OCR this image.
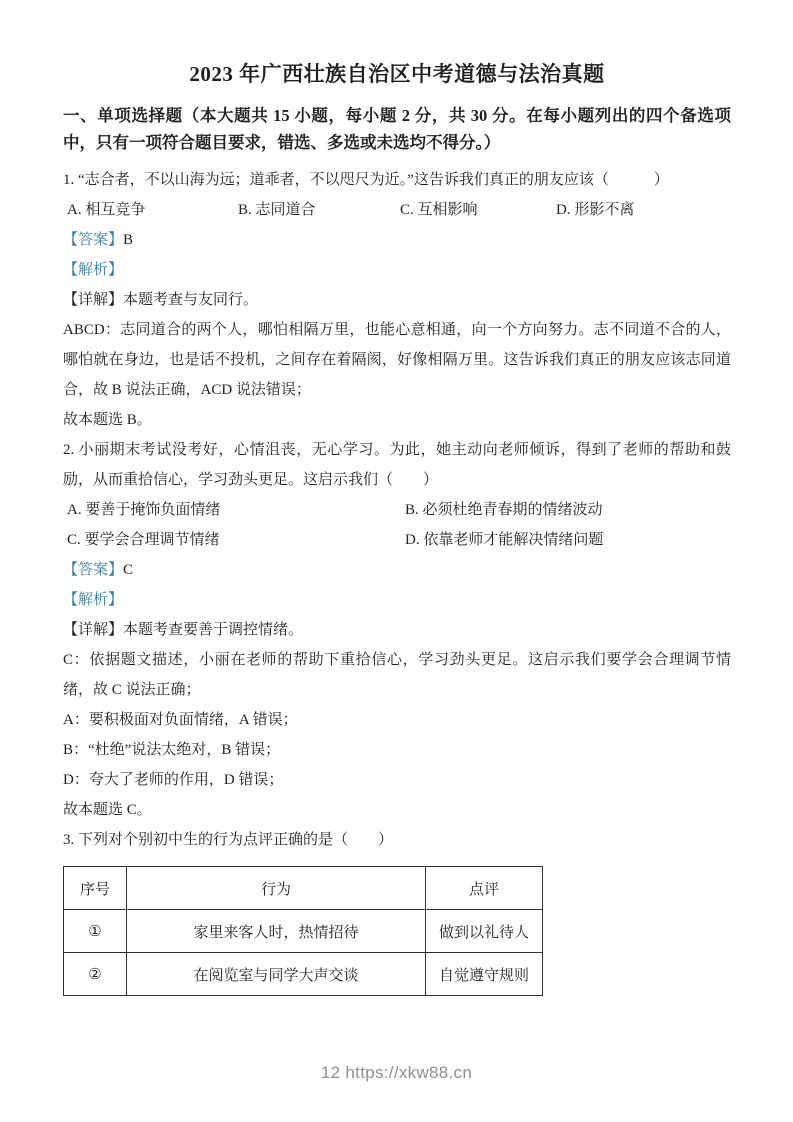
2023 年广西壮族自治区中考道德与法治真题

一、单项选择题（本大题共 15 小题，每小题 2 分，共 30 分。在每小题列出的四个备选项中，只有一项符合题目要求，错选、多选或未选均不得分。）

1. “志合者，不以山海为远；道乖者，不以咫尺为近。”这告诉我们真正的朋友应该（　　　）

A. 相互竞争	B. 志同道合	C. 互相影响	D. 形影不离

【答案】B

【解析】

【详解】本题考查与友同行。

ABCD：志同道合的两个人，哪怕相隔万里，也能心意相通，向一个方向努力。志不同道不合的人，哪怕就在身边，也是话不投机，之间存在着隔阂，好像相隔万里。这告诉我们真正的朋友应该志同道合，故 B 说法正确，ACD 说法错误；

故本题选 B。

2. 小丽期末考试没考好，心情沮丧，无心学习。为此，她主动向老师倾诉，得到了老师的帮助和鼓励，从而重拾信心，学习劲头更足。这启示我们（　　）

A. 要善于掩饰负面情绪	B. 必须杜绝青春期的情绪波动
C. 要学会合理调节情绪	D. 依靠老师才能解决情绪问题

【答案】C

【解析】

【详解】本题考查要善于调控情绪。

C：依据题文描述，小丽在老师的帮助下重拾信心，学习劲头更足。这启示我们要学会合理调节情绪，故 C 说法正确；

A：要积极面对负面情绪，A 错误；

B：“杜绝”说法太绝对，B 错误；

D：夸大了老师的作用，D 错误；

故本题选 C。

3. 下列对个别初中生的行为点评正确的是（　　）

序号	行为	点评
①	家里来客人时，热情招待	做到以礼待人
②	在阅览室与同学大声交谈	自觉遵守规则
12 https://xkw88.cn
